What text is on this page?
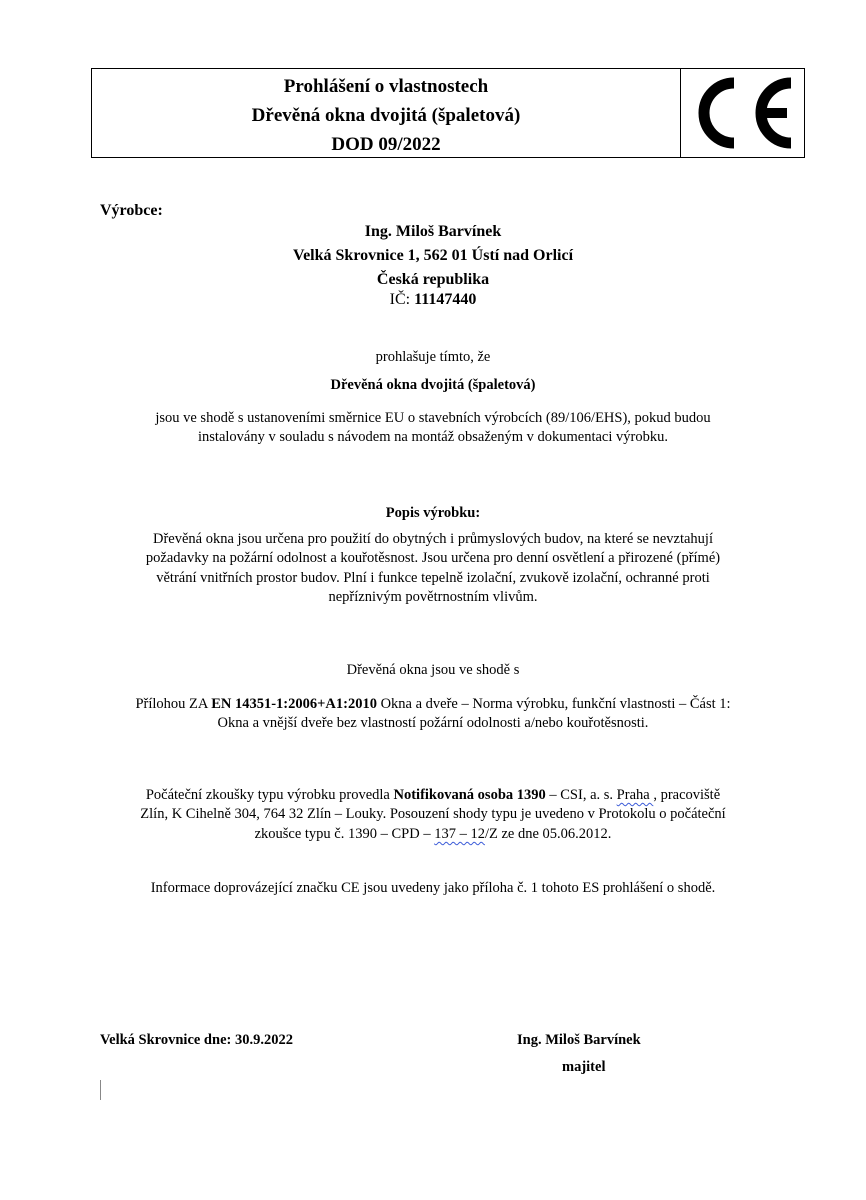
Prohlášení o vlastnostech
Dřevěná okna dvojitá (špaletová)
DOD 09/2022
Výrobce:
Ing. Miloš Barvínek
Velká Skrovnice 1, 562 01 Ústí nad Orlicí
Česká republika
IČ: 11147440
prohlašuje tímto, že
Dřevěná okna dvojitá (špaletová)
jsou ve shodě s ustanoveními směrnice EU o stavebních výrobcích (89/106/EHS), pokud budou
instalovány v souladu s návodem na montáž obsaženým v dokumentaci výrobku.
Popis výrobku:
Dřevěná okna jsou určena pro použití do obytných i průmyslových budov, na které se nevztahují
požadavky na požární odolnost a kouřotěsnost. Jsou určena pro denní osvětlení a přirozené (přímé)
větrání vnitřních prostor budov. Plní i funkce tepelně izolační, zvukově izolační, ochranné proti
nepříznivým povětrnostním vlivům.
Dřevěná okna jsou ve shodě s
Přílohou ZA EN 14351-1:2006+A1:2010 Okna a dveře – Norma výrobku, funkční vlastnosti – Část 1:
Okna a vnější dveře bez vlastností požární odolnosti a/nebo kouřotěsnosti.
Počáteční zkoušky typu výrobku provedla Notifikovaná osoba 1390 – CSI, a. s. Praha , pracoviště
Zlín, K Cihelně 304, 764 32 Zlín – Louky. Posouzení shody typu je uvedeno v Protokolu o počáteční
zkoušce typu č. 1390 – CPD – 137 – 12/Z ze dne 05.06.2012.
Informace doprovázející značku CE jsou uvedeny jako příloha č. 1 tohoto ES prohlášení o shodě.
Velká Skrovnice dne: 30.9.2022	Ing. Miloš Barvínek
majitel
